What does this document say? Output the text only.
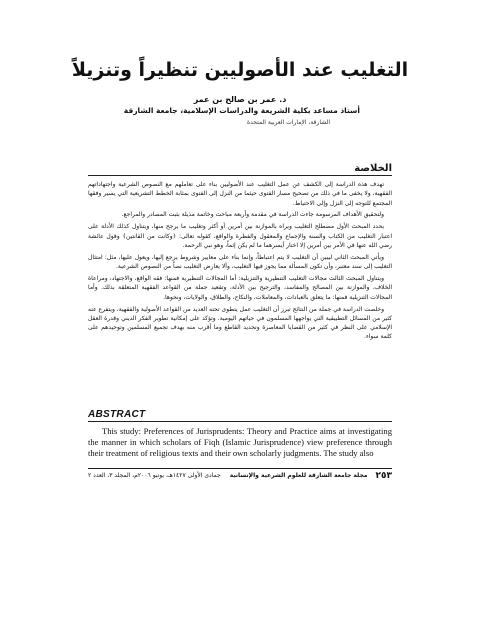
التغليب عند الأصوليين تنظيراً وتنزيلاً
د. عمر بن صالح بن عمر
أستاذ مساعد بكلية الشريعة والدراسات الإسلامية، جامعة الشارقة
الشارقة، الإمارات العربية المتحدة
الخلاصة

تهدف هذه الدراسة إلى الكشف عن عمل التغليب عند الأصوليين بناء على تعاملهم مع النصوص الشرعية واجتهاداتهم الفقهية، ولا يخفى ما في ذلك من تصحيح مسار الفتوى حيثما من النزل إلى الفتوى بمثابة الخطط التشريعية التي يسير وفقها المجتمع للتوجه إلى النزل وإلى الاحتياط.

ولتحقيق الأهداف المرسومة جاءت الدراسة في مقدمة وأربعة مباحث وخاتمة مذيلة بثبت المصادر والمراجع.

يحدد المبحث الأول مصطلح التغليب ويراه بالموازنة بين أمرين أو أكثر وتغليب ما يرجح منها، ويتناول كذلك الأدلة على اعتبار التغليب من الكتاب والسنة والإجماع والمعقول والفطرة والواقع، كقوله تعالى: ﴿وكانت من القانتين﴾ وقول عائشة رضي الله عنها في الأمر بين أمرين إلا اختار أيسرهما ما لم يكن إثماً، وهو نبي الرحمة.

ويأتي المبحث الثاني ليبين أن التغليب لا يتم اعتباطاً، وإنما بناء على معايير وشروط يرجع إليها، ويعول عليها، مثل: امتثال التغليب إلى سند معتبر، وأن تكون المسألة مما يجوز فيها التغليب، وألا يعارض التغليب نصاً من النصوص الشرعية.

ويتناول المبحث الثالث مجالات التغليب التنظيرية والتنزيلية: أما المجالات التنظيرية فمنها: فقه الواقع، والاجتهاد، ومراعاة الخلاف، والموازنة بين المصالح والمفاسد، والترجيح بين الأدلة، وتقعيد جملة من القواعد الفقهية المتعلقة بذلك. وأما المجالات التنزيلية فمنها: ما يتعلق بالعبادات، والمعاملات، والنكاح، والطلاق، والولايات، ونحوها.

وخلصت الدراسة في جملة من النتائج تبرز أن التغليب عمل يتطوى تحته العديد من القواعد الأصولية والفقهية، ويتفرع عنه كثير من المسائل التطبيقية التي يواجهها المسلمون في حياتهم اليومية. وتؤكد على إمكانية تطوير الفكر الديني وقدرة العقل الإسلامي على النظر في كثير من القضايا المعاصرة وتحديد القاطع وما أقرب منه بهدف تجميع المسلمين وتوحيدهم على كلمة سواء.

ABSTRACT

This study: Preferences of Jurisprudents: Theory and Practice aims at investigating the manner in which scholars of Fiqh (Islamic Jurisprudence) view preference through their treatment of religious texts and their own scholarly judgments. The study also

٢٥٣
مجلة جامعة الشارقة للعلوم الشرعية والإنسانية
جمادى الأولى ١٤٢٧هـ، يونيو ٢٠٠٦م، المجلد ٣، العدد ٢
